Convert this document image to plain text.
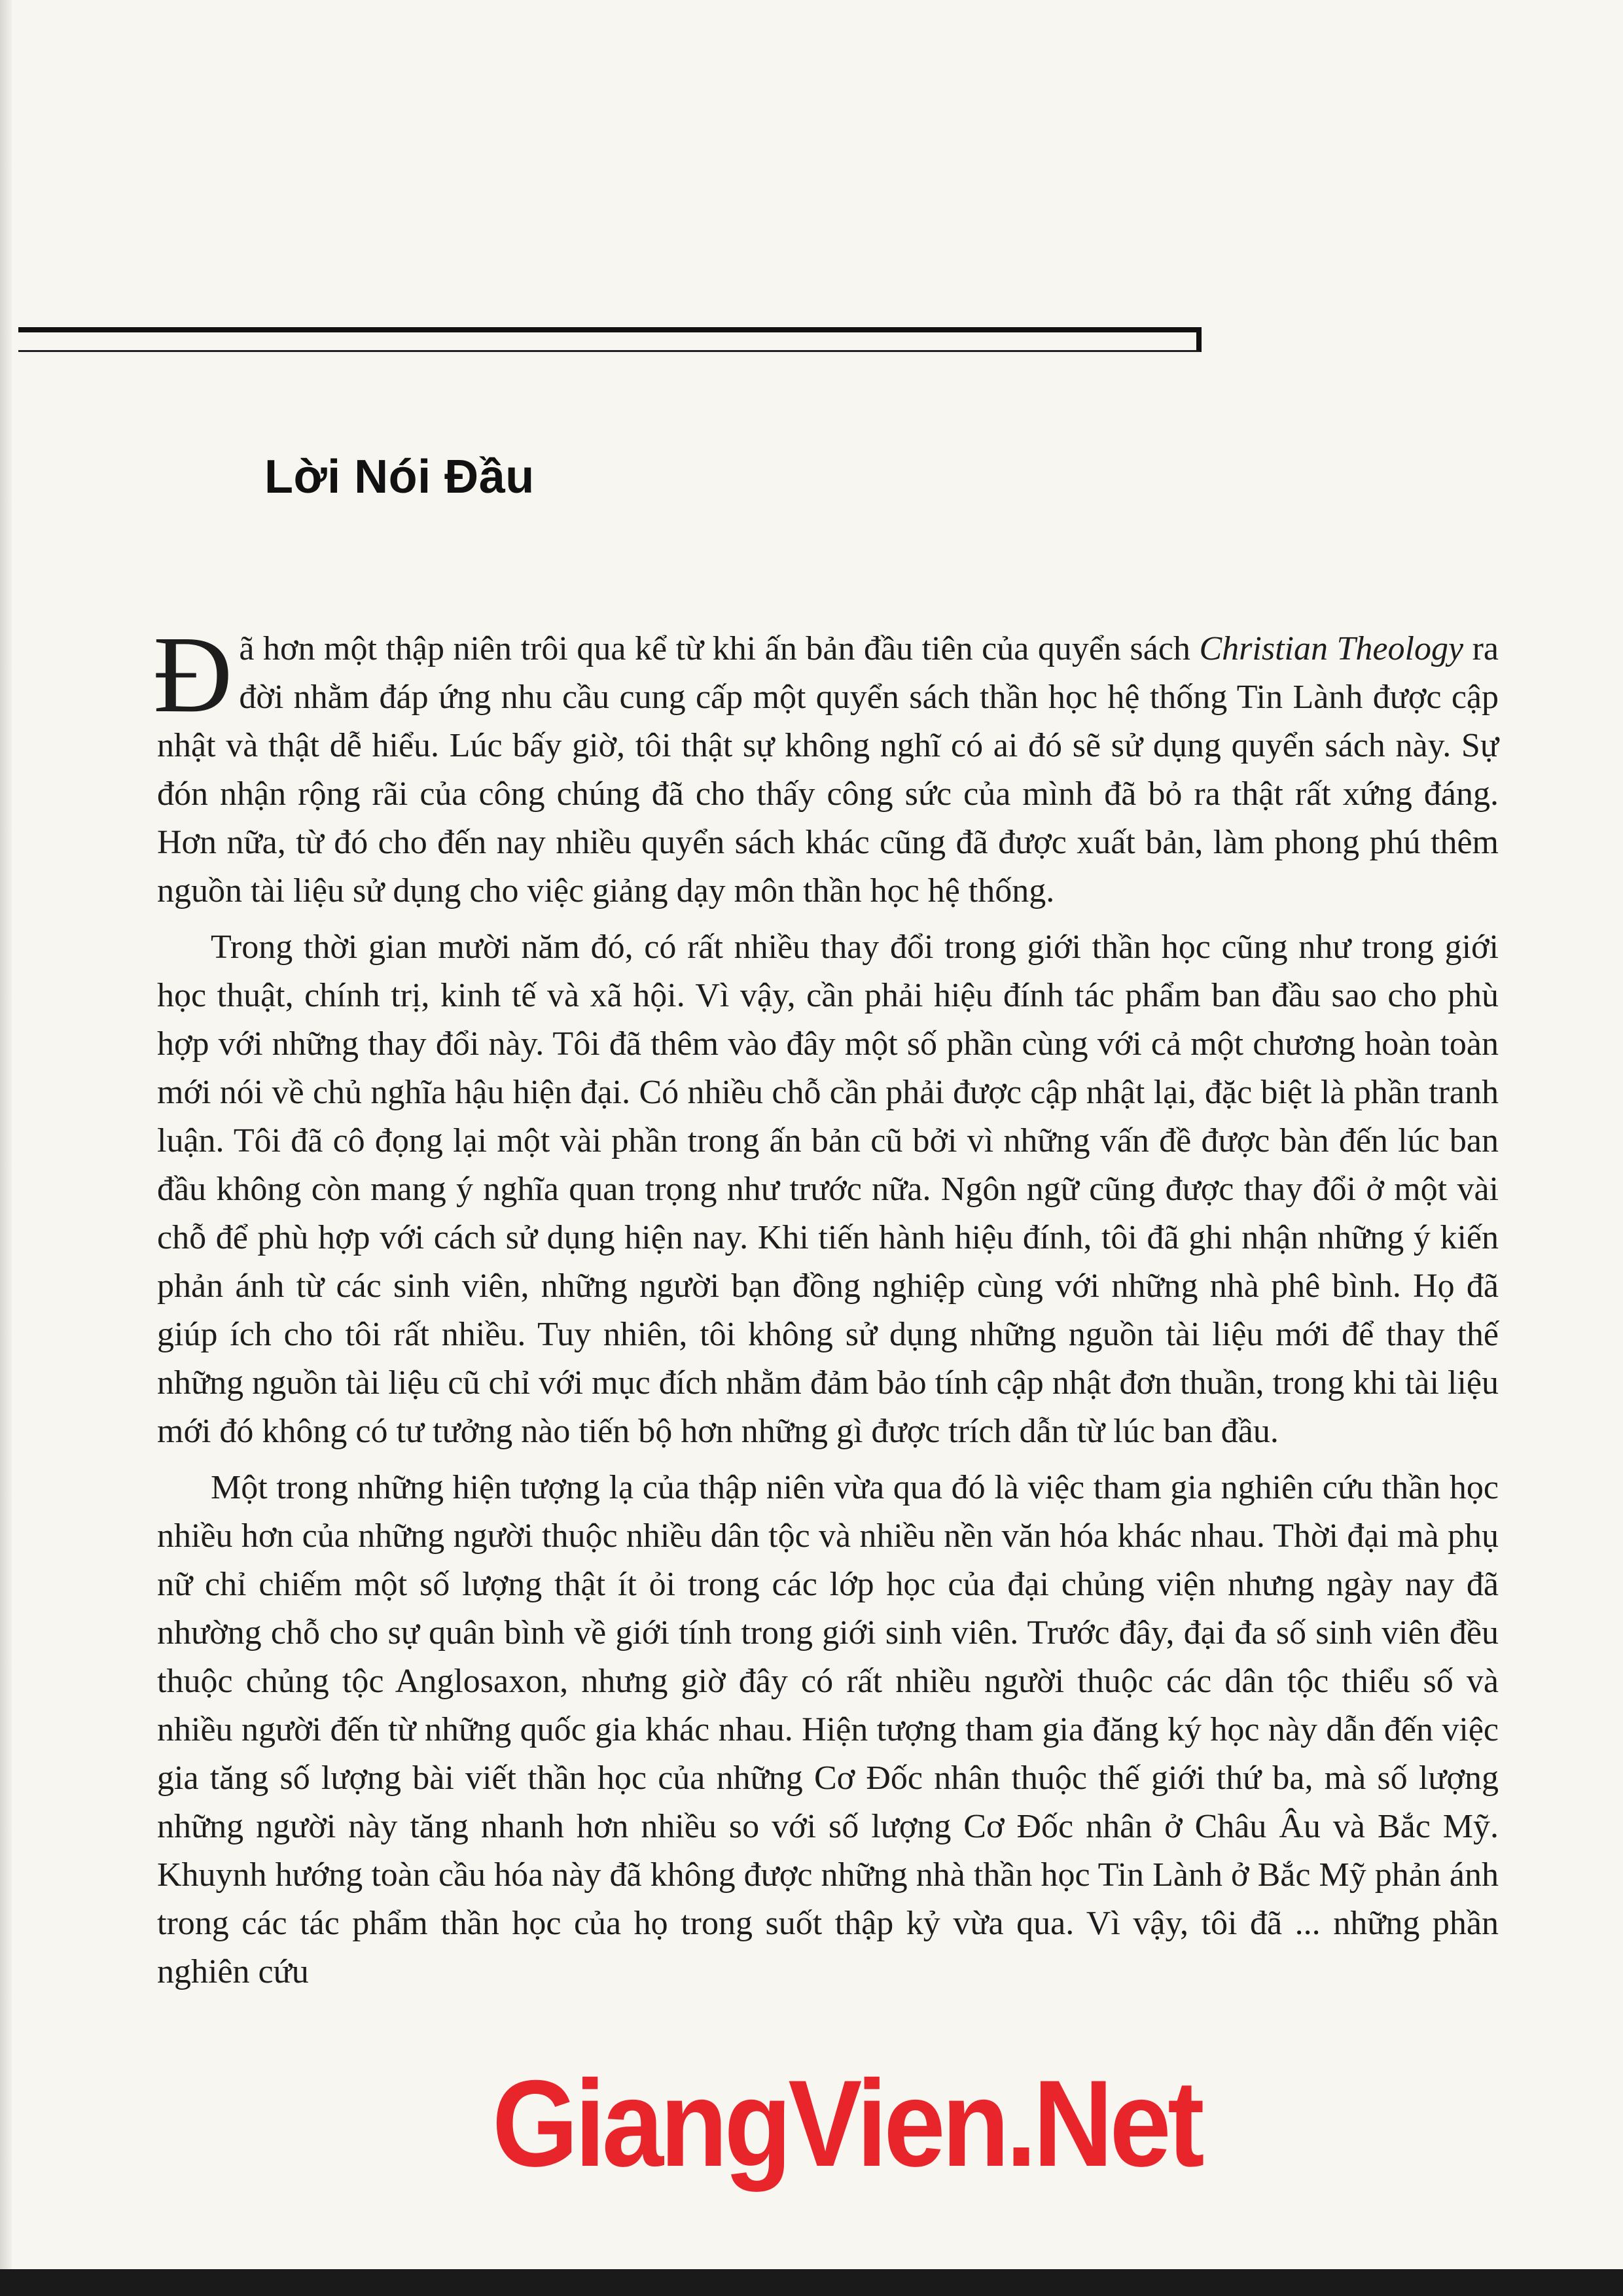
Lời Nói Đầu

Đã hơn một thập niên trôi qua kể từ khi ấn bản đầu tiên của quyển sách Christian Theology ra đời nhằm đáp ứng nhu cầu cung cấp một quyển sách thần học hệ thống Tin Lành được cập nhật và thật dễ hiểu. Lúc bấy giờ, tôi thật sự không nghĩ có ai đó sẽ sử dụng quyển sách này. Sự đón nhận rộng rãi của công chúng đã cho thấy công sức của mình đã bỏ ra thật rất xứng đáng. Hơn nữa, từ đó cho đến nay nhiều quyển sách khác cũng đã được xuất bản, làm phong phú thêm nguồn tài liệu sử dụng cho việc giảng dạy môn thần học hệ thống.

Trong thời gian mười năm đó, có rất nhiều thay đổi trong giới thần học cũng như trong giới học thuật, chính trị, kinh tế và xã hội. Vì vậy, cần phải hiệu đính tác phẩm ban đầu sao cho phù hợp với những thay đổi này. Tôi đã thêm vào đây một số phần cùng với cả một chương hoàn toàn mới nói về chủ nghĩa hậu hiện đại. Có nhiều chỗ cần phải được cập nhật lại, đặc biệt là phần tranh luận. Tôi đã cô đọng lại một vài phần trong ấn bản cũ bởi vì những vấn đề được bàn đến lúc ban đầu không còn mang ý nghĩa quan trọng như trước nữa. Ngôn ngữ cũng được thay đổi ở một vài chỗ để phù hợp với cách sử dụng hiện nay. Khi tiến hành hiệu đính, tôi đã ghi nhận những ý kiến phản ánh từ các sinh viên, những người bạn đồng nghiệp cùng với những nhà phê bình. Họ đã giúp ích cho tôi rất nhiều. Tuy nhiên, tôi không sử dụng những nguồn tài liệu mới để thay thế những nguồn tài liệu cũ chỉ với mục đích nhằm đảm bảo tính cập nhật đơn thuần, trong khi tài liệu mới đó không có tư tưởng nào tiến bộ hơn những gì được trích dẫn từ lúc ban đầu.

Một trong những hiện tượng lạ của thập niên vừa qua đó là việc tham gia nghiên cứu thần học nhiều hơn của những người thuộc nhiều dân tộc và nhiều nền văn hóa khác nhau. Thời đại mà phụ nữ chỉ chiếm một số lượng thật ít ỏi trong các lớp học của đại chủng viện nhưng ngày nay đã nhường chỗ cho sự quân bình về giới tính trong giới sinh viên. Trước đây, đại đa số sinh viên đều thuộc chủng tộc Anglosaxon, nhưng giờ đây có rất nhiều người thuộc các dân tộc thiểu số và nhiều người đến từ những quốc gia khác nhau. Hiện tượng tham gia đăng ký học này dẫn đến việc gia tăng số lượng bài viết thần học của những Cơ Đốc nhân thuộc thế giới thứ ba, mà số lượng những người này tăng nhanh hơn nhiều so với số lượng Cơ Đốc nhân ở Châu Âu và Bắc Mỹ. Khuynh hướng toàn cầu hóa này đã không được những nhà thần học Tin Lành ở Bắc Mỹ phản ánh trong các tác phẩm thần học của họ trong suốt thập kỷ vừa qua. Vì vậy, tôi đã ... những phần nghiên cứu

GiangVien.Net
